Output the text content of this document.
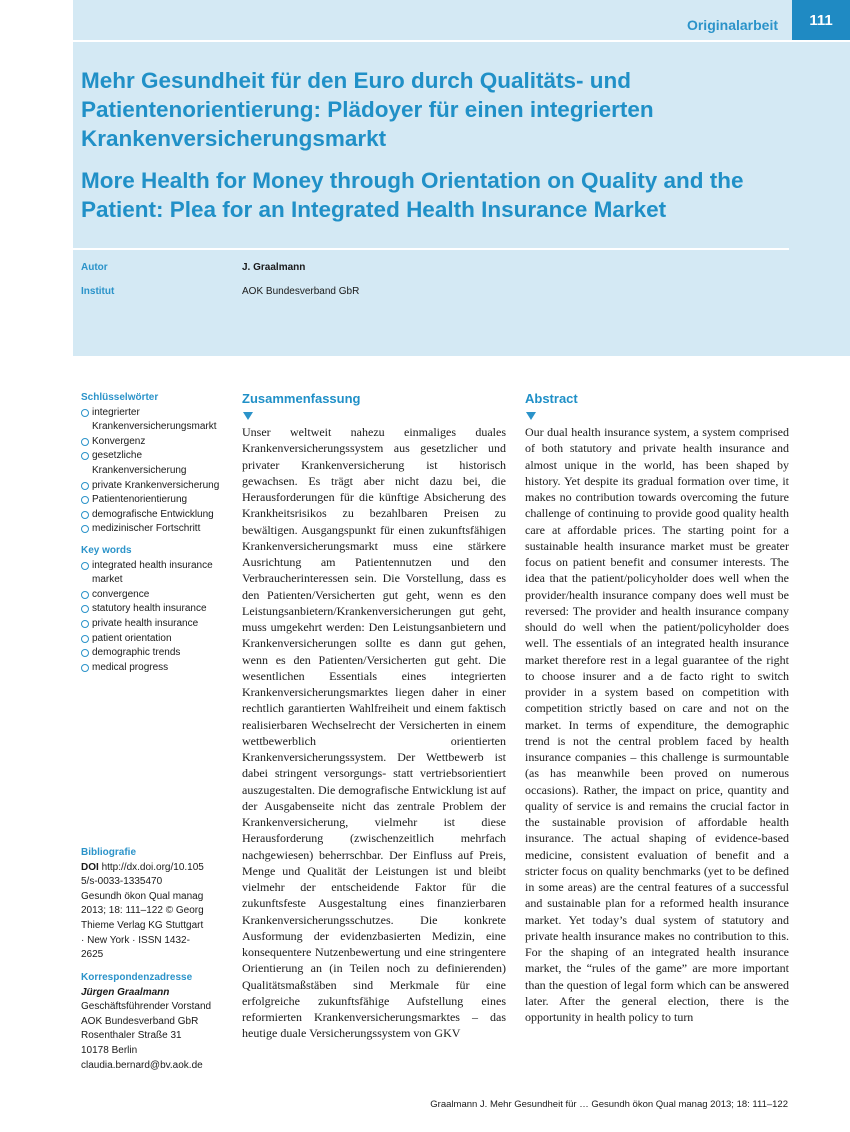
Originalarbeit	111
Mehr Gesundheit für den Euro durch Qualitäts- und Patientenorientierung: Plädoyer für einen integrierten Krankenversicherungsmarkt
More Health for Money through Orientation on Quality and the Patient: Plea for an Integrated Health Insurance Market
Autor	J. Graalmann
Institut	AOK Bundesverband GbR
Schlüsselwörter
integrierter Krankenversicherungsmarkt
Konvergenz
gesetzliche Krankenversicherung
private Krankenversicherung
Patientenorientierung
demografische Entwicklung
medizinischer Fortschritt
Key words
integrated health insurance market
convergence
statutory health insurance
private health insurance
patient orientation
demographic trends
medical progress
Bibliografie

DOI http://dx.doi.org/10.1055/s-0033-1335470

Gesundh ökon Qual manag 2013; 18: 111–122 © Georg Thieme Verlag KG Stuttgart · New York · ISSN 1432-2625

Korrespondenzadresse

Jürgen Graalmann

Geschäftsführender Vorstand

AOK Bundesverband GbR

Rosenthaler Straße 31

10178 Berlin

claudia.bernard@bv.aok.de

Zusammenfassung

Unser weltweit nahezu einmaliges duales Krankenversicherungssystem aus gesetzlicher und privater Krankenversicherung ist historisch gewachsen. Es trägt aber nicht dazu bei, die Herausforderungen für die künftige Absicherung des Krankheitsrisikos zu bezahlbaren Preisen zu bewältigen. Ausgangspunkt für einen zukunftsfähigen Krankenversicherungsmarkt muss eine stärkere Ausrichtung am Patientennutzen und den Verbraucherinteressen sein. Die Vorstellung, dass es den Patienten/Versicherten gut geht, wenn es den Leistungsanbietern/Krankenversicherungen gut geht, muss umgekehrt werden: Den Leistungsanbietern und Krankenversicherungen sollte es dann gut gehen, wenn es den Patienten/Versicherten gut geht. Die wesentlichen Essentials eines integrierten Krankenversicherungsmarktes liegen daher in einer rechtlich garantierten Wahlfreiheit und einem faktisch realisierbaren Wechselrecht der Versicherten in einem wettbewerblich orientierten Krankenversicherungssystem. Der Wettbewerb ist dabei stringent versorgungs- statt vertriebsorientiert auszugestalten. Die demografische Entwicklung ist auf der Ausgabenseite nicht das zentrale Problem der Krankenversicherung, vielmehr ist diese Herausforderung (zwischenzeitlich mehrfach nachgewiesen) beherrschbar. Der Einfluss auf Preis, Menge und Qualität der Leistungen ist und bleibt vielmehr der entscheidende Faktor für die zukunftsfeste Ausgestaltung eines finanzierbaren Krankenversicherungsschutzes. Die konkrete Ausformung der evidenzbasierten Medizin, eine konsequentere Nutzenbewertung und eine stringentere Orientierung an (in Teilen noch zu definierenden) Qualitätsmaßstäben sind Merkmale für eine erfolgreiche zukunftsfähige Aufstellung eines reformierten Krankenversicherungsmarktes – das heutige duale Versicherungssystem von GKV

Abstract

Our dual health insurance system, a system comprised of both statutory and private health insurance and almost unique in the world, has been shaped by history. Yet despite its gradual formation over time, it makes no contribution towards overcoming the future challenge of continuing to provide good quality health care at affordable prices. The starting point for a sustainable health insurance market must be greater focus on patient benefit and consumer interests. The idea that the patient/policyholder does well when the provider/health insurance company does well must be reversed: The provider and health insurance company should do well when the patient/policyholder does well. The essentials of an integrated health insurance market therefore rest in a legal guarantee of the right to choose insurer and a de facto right to switch provider in a system based on competition with competition strictly based on care and not on the market. In terms of expenditure, the demographic trend is not the central problem faced by health insurance companies – this challenge is surmountable (as has meanwhile been proved on numerous occasions). Rather, the impact on price, quantity and quality of service is and remains the crucial factor in the sustainable provision of affordable health insurance. The actual shaping of evidence-based medicine, consistent evaluation of benefit and a stricter focus on quality benchmarks (yet to be defined in some areas) are the central features of a successful and sustainable plan for a reformed health insurance market. Yet today’s dual system of statutory and private health insurance makes no contribution to this. For the shaping of an integrated health insurance market, the “rules of the game” are more important than the question of legal form which can be answered later. After the general election, there is the opportunity in health policy to turn

Graalmann J. Mehr Gesundheit für … Gesundh ökon Qual manag 2013; 18: 111–122
